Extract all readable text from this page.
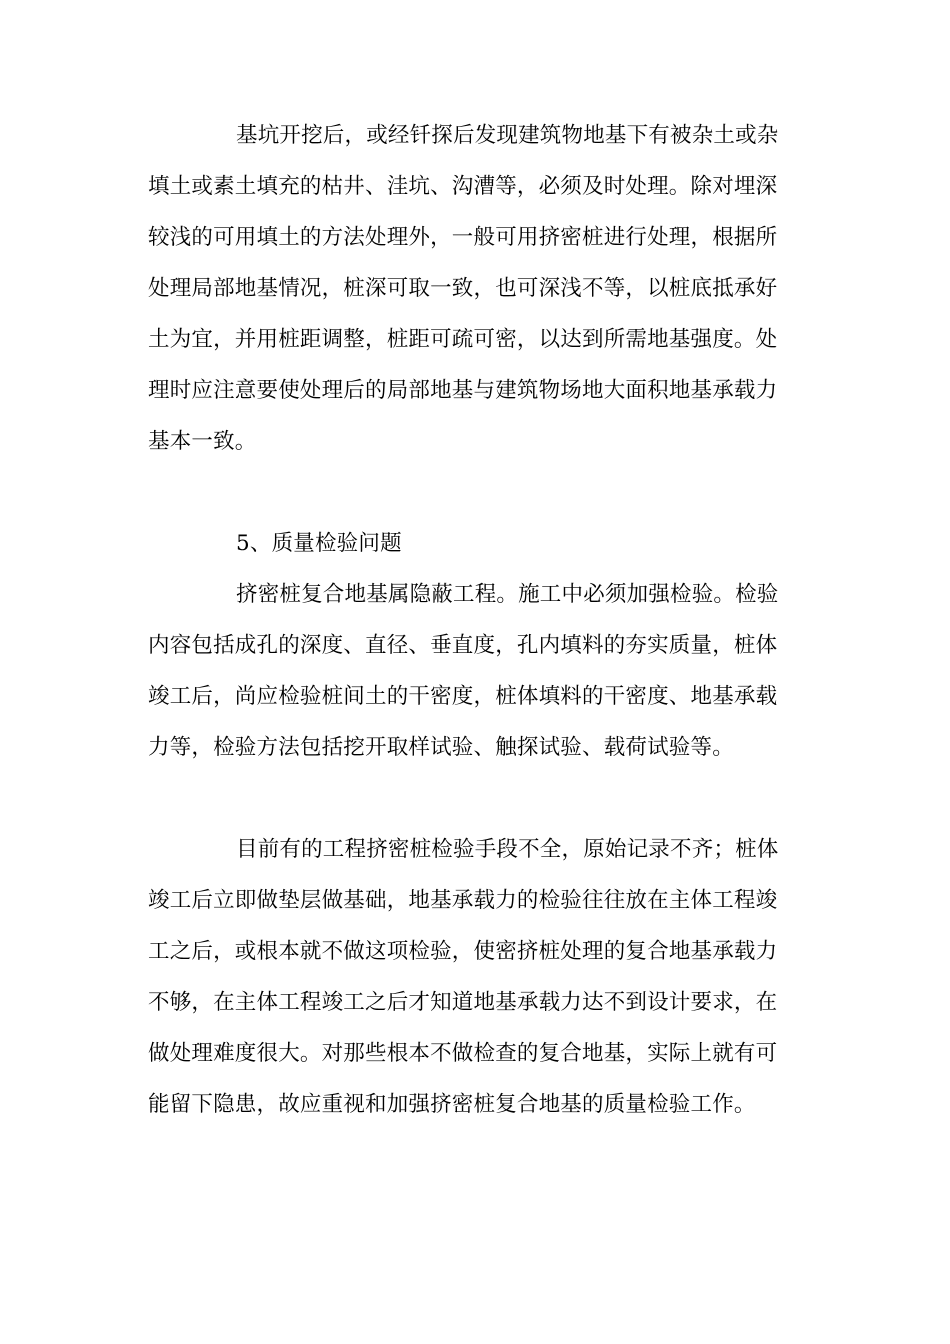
基坑开挖后，或经钎探后发现建筑物地基下有被杂土或杂
填土或素土填充的枯井、洼坑、沟漕等，必须及时处理。除对埋深
较浅的可用填土的方法处理外，一般可用挤密桩进行处理，根据所
处理局部地基情况，桩深可取一致，也可深浅不等，以桩底抵承好
土为宜，并用桩距调整，桩距可疏可密，以达到所需地基强度。处
理时应注意要使处理后的局部地基与建筑物场地大面积地基承载力
基本一致。
5、质量检验问题
挤密桩复合地基属隐蔽工程。施工中必须加强检验。检验
内容包括成孔的深度、直径、垂直度，孔内填料的夯实质量，桩体
竣工后，尚应检验桩间土的干密度，桩体填料的干密度、地基承载
力等，检验方法包括挖开取样试验、触探试验、载荷试验等。
目前有的工程挤密桩检验手段不全，原始记录不齐；桩体
竣工后立即做垫层做基础，地基承载力的检验往往放在主体工程竣
工之后，或根本就不做这项检验，使密挤桩处理的复合地基承载力
不够，在主体工程竣工之后才知道地基承载力达不到设计要求，在
做处理难度很大。对那些根本不做检查的复合地基，实际上就有可
能留下隐患，故应重视和加强挤密桩复合地基的质量检验工作。
